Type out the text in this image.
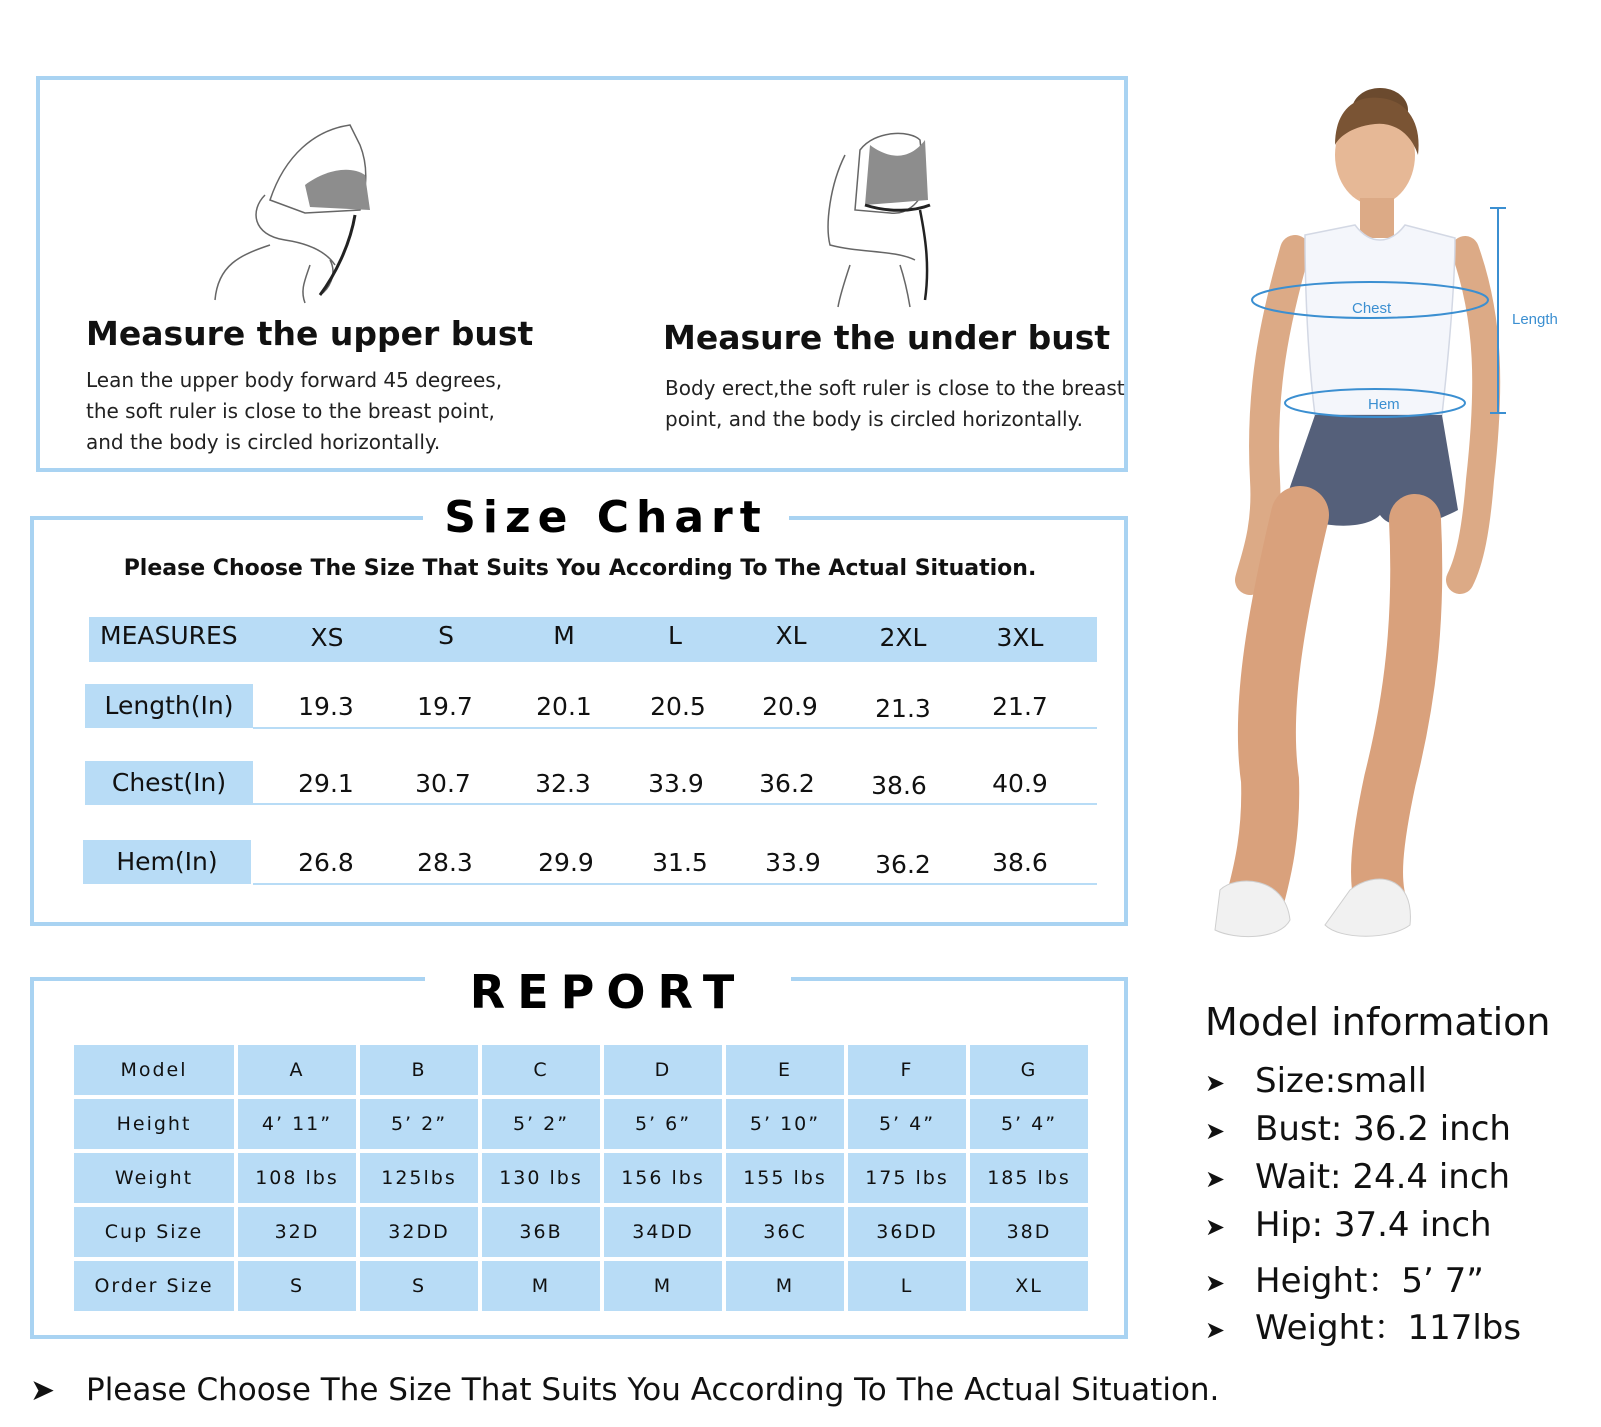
Measure the upper bust
Lean the upper body forward 45 degrees,
the soft ruler is close to the breast point,
and the body is circled horizontally.
Measure the under bust
Body erect,the soft ruler is close to the breast
point, and the body is circled horizontally.
Size Chart
Please Choose The Size That Suits You According To The Actual Situation.
MEASURES	XS	S	M	L	XL	2XL	3XL
Length(In)	19.3	19.7	20.1	20.5	20.9	21.3	21.7
Chest(In)	29.1	30.7	32.3	33.9	36.2	38.6	40.9
Hem(In)	26.8	28.3	29.9	31.5	33.9	36.2	38.6
REPORT
Model	A	B	C	D	E	F	G
Height	4’ 11”	5’ 2”	5’ 2”	5’ 6”	5’ 10”	5’ 4”	5’ 4”
Weight	108 lbs	125lbs	130 lbs	156 lbs	155 lbs	175 lbs	185 lbs
Cup Size	32D	32DD	36B	34DD	36C	36DD	38D
Order Size	S	S	M	M	M	L	XL
Chest
Hem
Length
Model information
➤ Size:small
➤ Bust: 36.2 inch
➤ Wait: 24.4 inch
➤ Hip: 37.4 inch
➤ Height：5’ 7”
➤ Weight：117lbs
➤ Please Choose The Size That Suits You According To The Actual Situation.
